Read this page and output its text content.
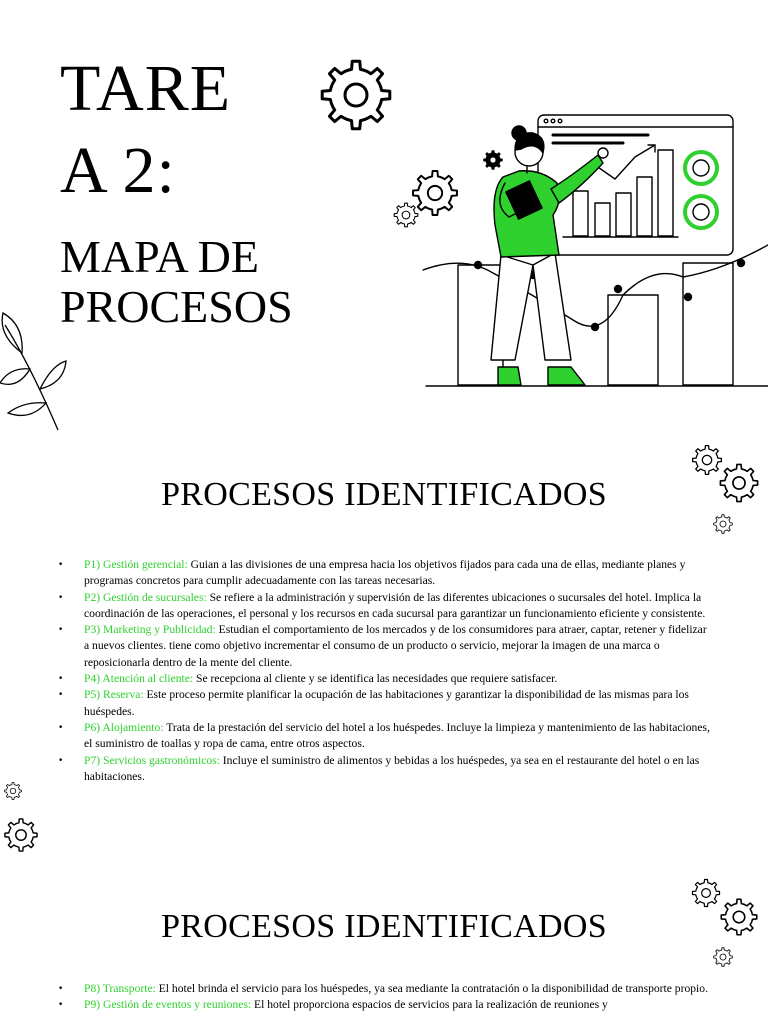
TARE
A 2:
MAPA DE
PROCESOS
PROCESOS IDENTIFICADOS
• P1) Gestión gerencial: Guian a las divisiones de una empresa hacia los objetivos fijados para cada una de ellas, mediante planes y programas concretos para cumplir adecuadamente con las tareas necesarias.
• P2) Gestión de sucursales: Se refiere a la administración y supervisión de las diferentes ubicaciones o sucursales del hotel. Implica la coordinación de las operaciones, el personal y los recursos en cada sucursal para garantizar un funcionamiento eficiente y consistente.
• P3) Marketing y Publicidad: Estudian el comportamiento de los mercados y de los consumidores para atraer, captar, retener y fidelizar a nuevos clientes. tiene como objetivo incrementar el consumo de un producto o servicio, mejorar la imagen de una marca o reposicionarla dentro de la mente del cliente.
• P4) Atención al cliente: Se recepciona al cliente y se identifica las necesidades que requiere satisfacer.
• P5) Reserva: Este proceso permite planificar la ocupación de las habitaciones y garantizar la disponibilidad de las mismas para los huéspedes.
• P6) Alojamiento: Trata de la prestación del servicio del hotel a los huéspedes. Incluye la limpieza y mantenimiento de las habitaciones, el suministro de toallas y ropa de cama, entre otros aspectos.
• P7) Servicios gastronómicos: Incluye el suministro de alimentos y bebidas a los huéspedes, ya sea en el restaurante del hotel o en las habitaciones.
PROCESOS IDENTIFICADOS
• P8) Transporte: El hotel brinda el servicio para los huéspedes, ya sea mediante la contratación o la disponibilidad de transporte propio.
• P9) Gestión de eventos y reuniones: El hotel proporciona espacios de servicios para la realización de reuniones y
